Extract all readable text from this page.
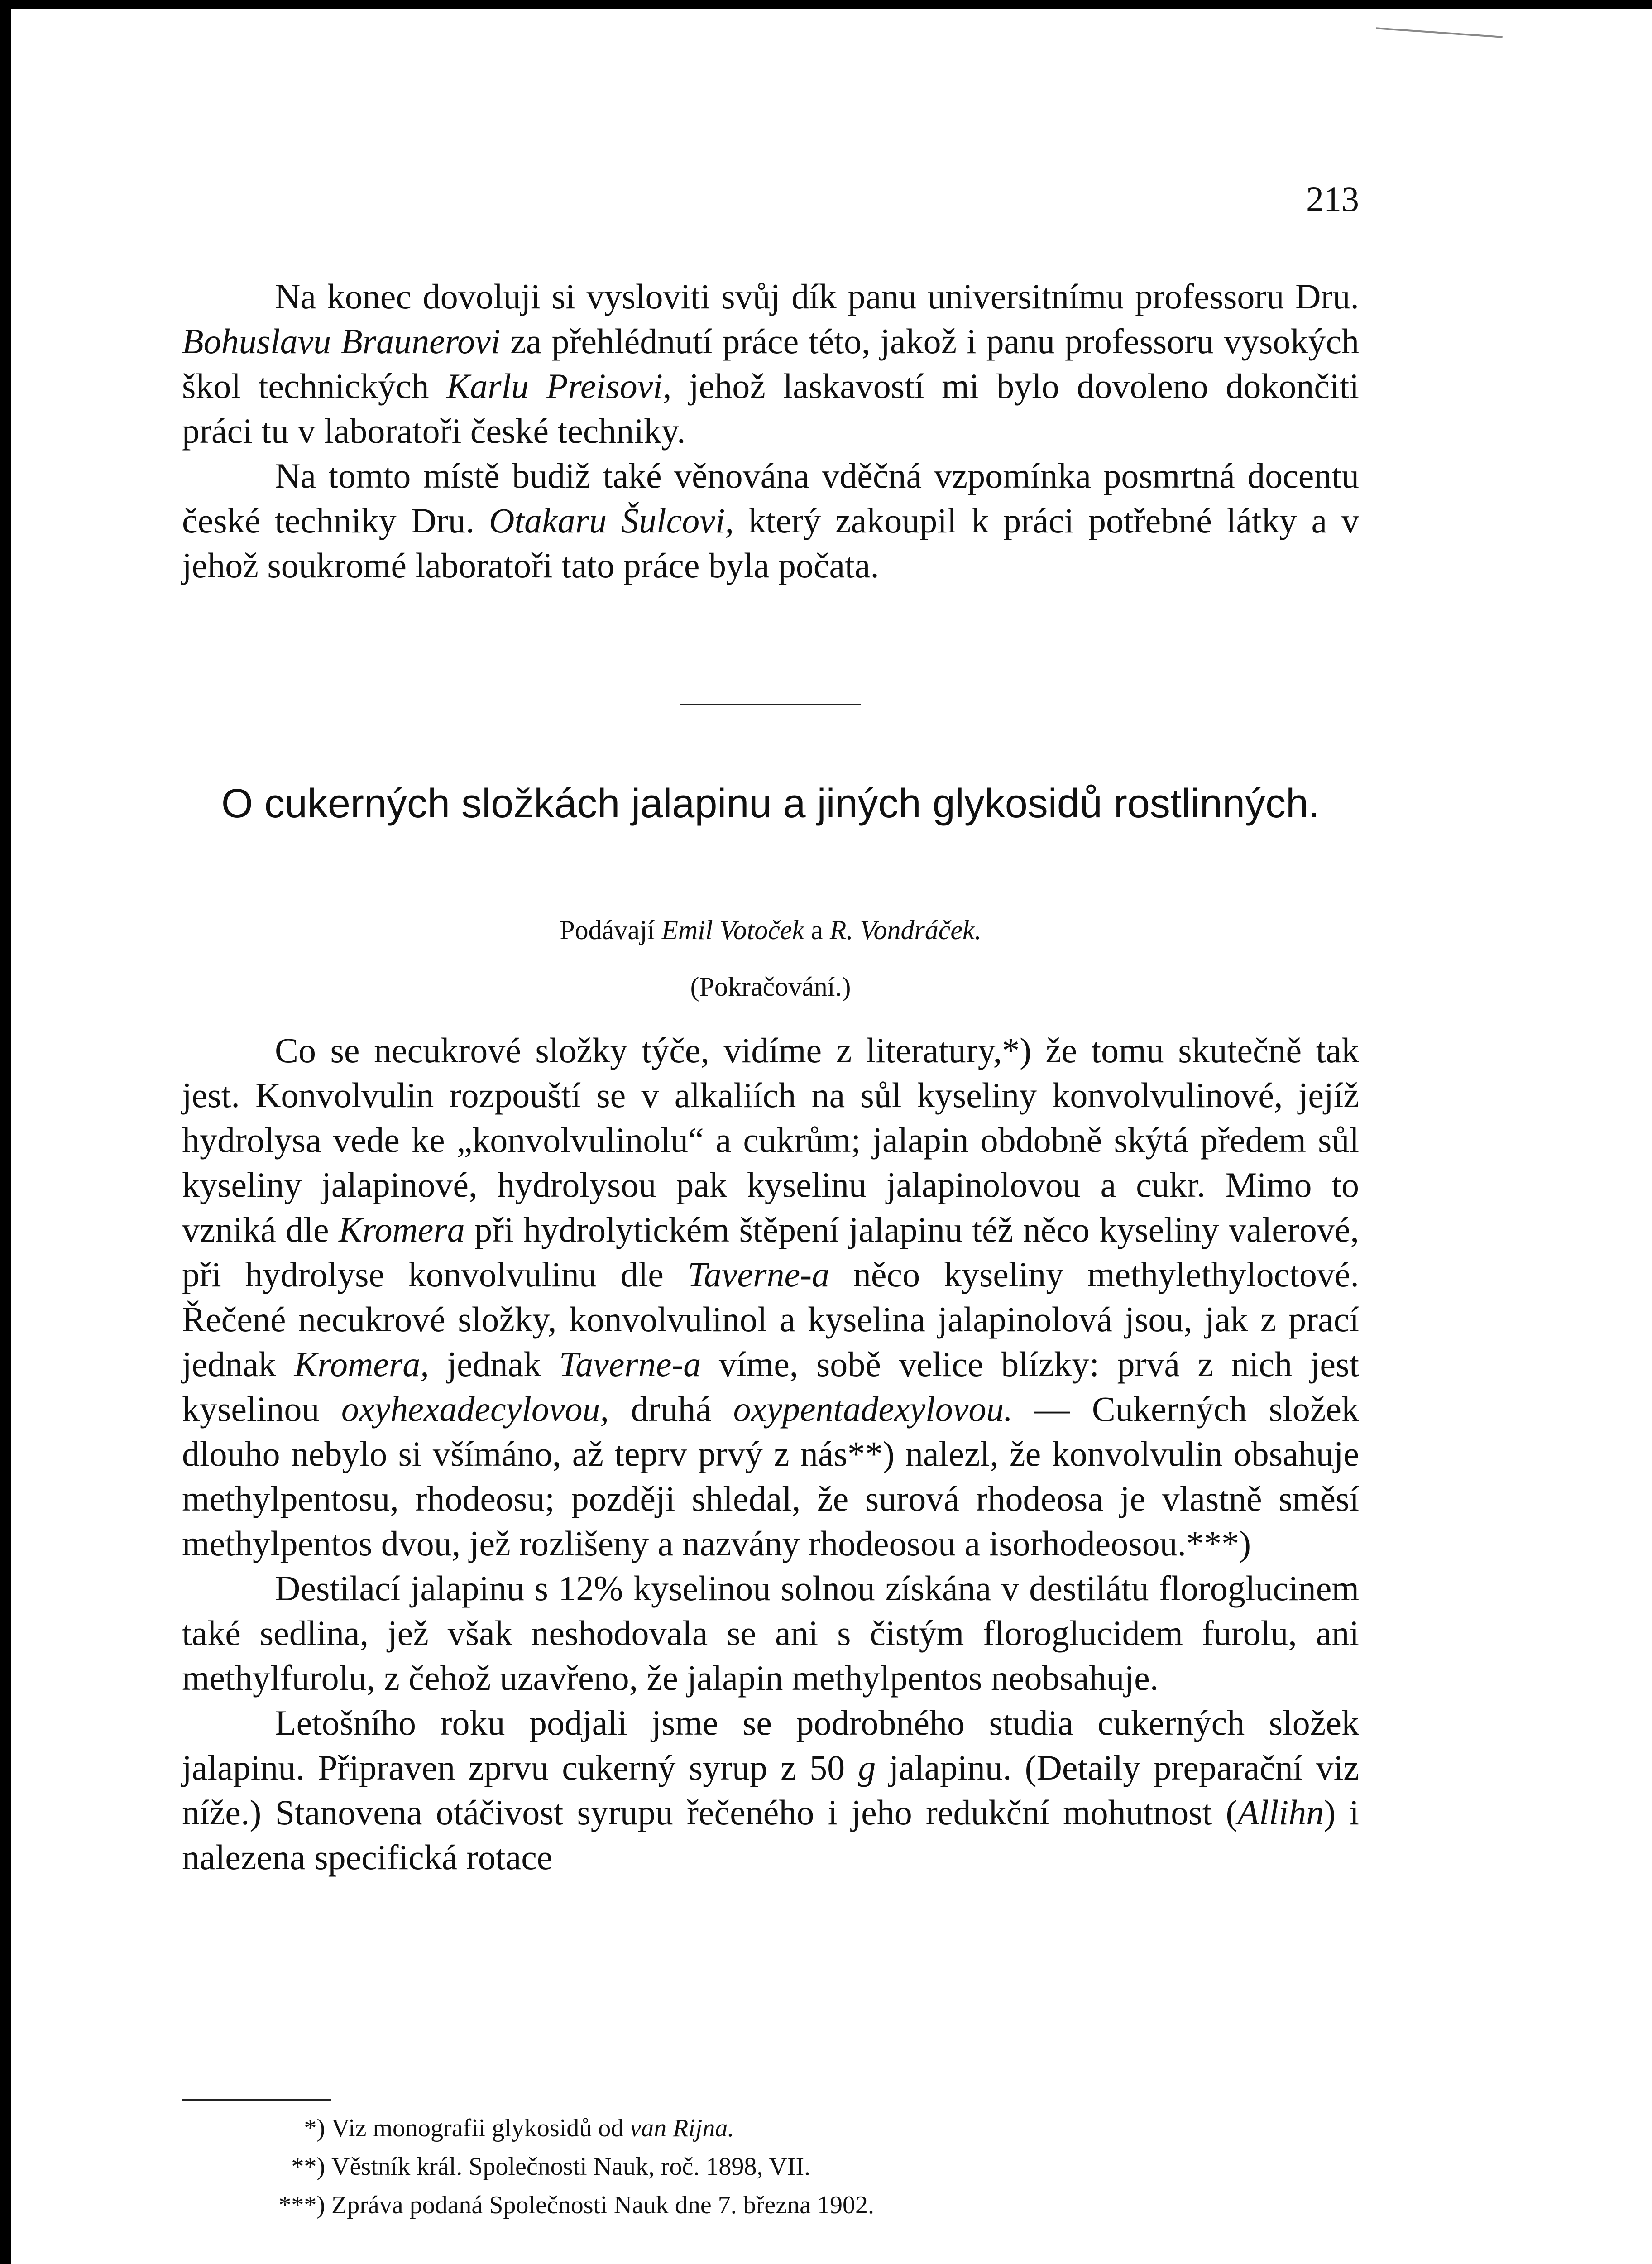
213

Na konec dovoluji si vysloviti svůj dík panu universitnímu professoru Dru. Bohuslavu Braunerovi za přehlédnutí práce této, jakož i panu professoru vysokých škol technických Karlu Preisovi, jehož laskavostí mi bylo dovoleno dokončiti práci tu v laboratoři české techniky.

Na tomto místě budiž také věnována vděčná vzpomínka posmrtná docentu české techniky Dru. Otakaru Šulcovi, který zakoupil k práci potřebné látky a v jehož soukromé laboratoři tato práce byla počata.

O cukerných složkách jalapinu a jiných glykosidů rostlinných.
Podávají Emil Votoček a R. Vondráček.
(Pokračování.)

Co se necukrové složky týče, vidíme z literatury,*) že tomu skutečně tak jest. Konvolvulin rozpouští se v alkaliích na sůl kyseliny konvolvulinové, jejíž hydrolysa vede ke „konvolvulinolu“ a cukrům; jalapin obdobně skýtá předem sůl kyseliny jalapinové, hydrolysou pak kyselinu jalapinolovou a cukr. Mimo to vzniká dle Kromera při hydrolytickém štěpení jalapinu též něco kyseliny valerové, při hydrolyse konvolvulinu dle Taverne-a něco kyseliny methylethyloctové. Řečené necukrové složky, konvolvulinol a kyselina jalapinolová jsou, jak z prací jednak Kromera, jednak Taverne-a víme, sobě velice blízky: prvá z nich jest kyselinou oxyhexadecylovou, druhá oxypentadexylovou. — Cukerných složek dlouho nebylo si všímáno, až teprv prvý z nás**) nalezl, že konvolvulin obsahuje methylpentosu, rhodeosu; později shledal, že surová rhodeosa je vlastně směsí methylpentos dvou, jež rozlišeny a nazvány rhodeosou a isorhodeosou.***)

Destilací jalapinu s 12% kyselinou solnou získána v destilátu floroglucinem také sedlina, jež však neshodovala se ani s čistým floroglucidem furolu, ani methylfurolu, z čehož uzavřeno, že jalapin methylpentos neobsahuje.

Letošního roku podjali jsme se podrobného studia cukerných složek jalapinu. Připraven zprvu cukerný syrup z 50 g jalapinu. (Detaily preparační viz níže.) Stanovena otáčivost syrupu řečeného i jeho redukční mohutnost (Allihn) i nalezena specifická rotace

*) Viz monografii glykosidů od van Rijna.
**) Věstník král. Společnosti Nauk, roč. 1898, VII.
***) Zpráva podaná Společnosti Nauk dne 7. března 1902.
